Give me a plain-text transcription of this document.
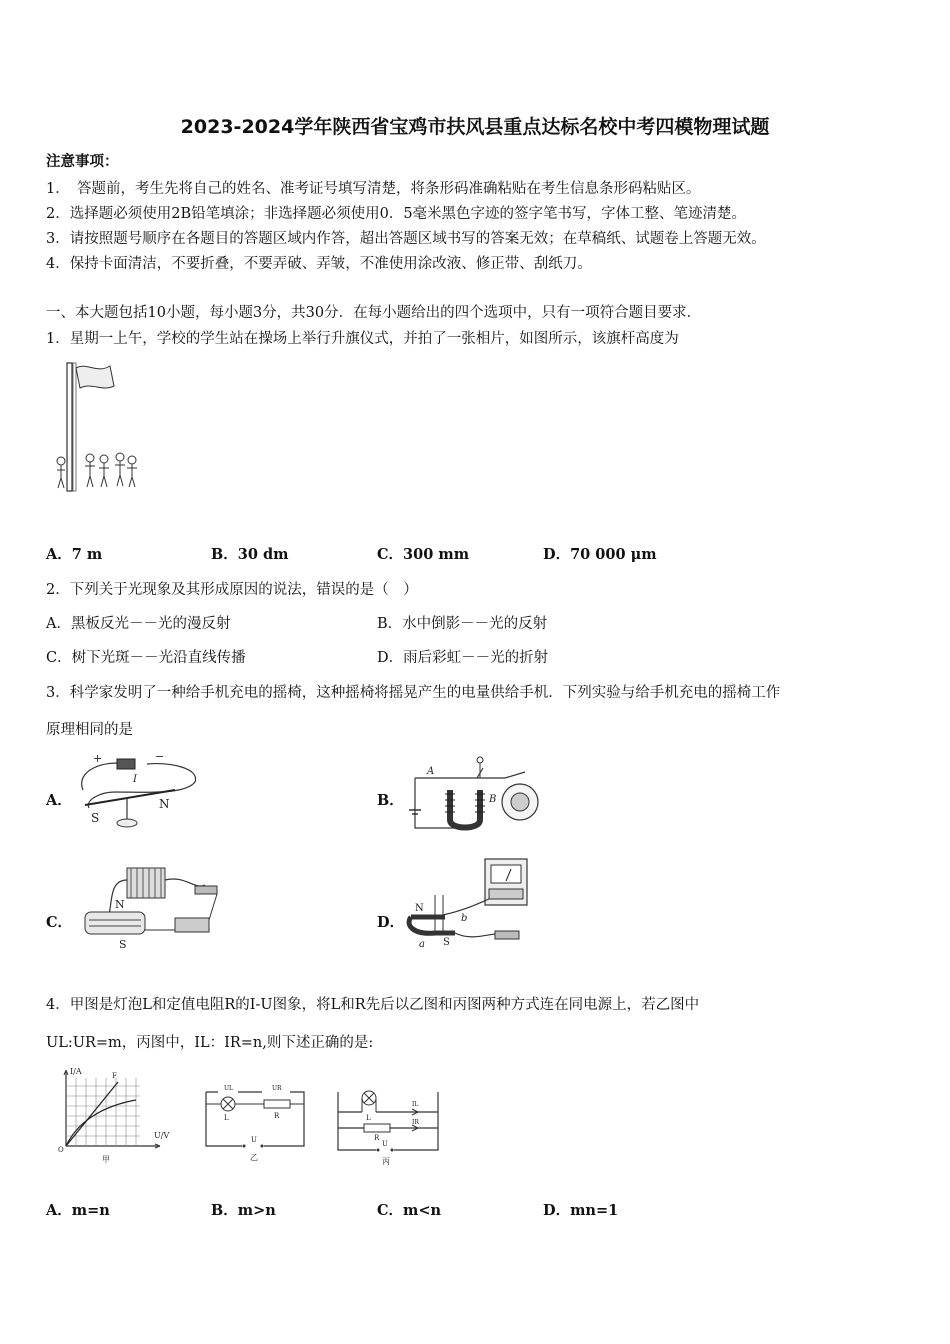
2023-2024学年陕西省宝鸡市扶风县重点达标名校中考四模物理试题
注意事项：
1．　答题前，考生先将自己的姓名、准考证号填写清楚，将条形码准确粘贴在考生信息条形码粘贴区。
2．选择题必须使用2B铅笔填涂；非选择题必须使用0．5毫米黑色字迹的签字笔书写，字体工整、笔迹清楚。
3．请按照题号顺序在各题目的答题区域内作答，超出答题区域书写的答案无效；在草稿纸、试题卷上答题无效。
4．保持卡面清洁，不要折叠，不要弄破、弄皱，不准使用涂改液、修正带、刮纸刀。
一、本大题包括10小题，每小题3分，共30分．在每小题给出的四个选项中，只有一项符合题目要求．
1．星期一上午，学校的学生站在操场上举行升旗仪式，并拍了一张相片，如图所示，该旗杆高度为
A．7 m	B．30 dm	C．300 mm	D．70 000 μm
2．下列关于光现象及其形成原因的说法，错误的是（　）
A．黑板反光－－光的漫反射	B．水中倒影－－光的反射
C．树下光斑－－光沿直线传播	D．雨后彩虹－－光的折射
3．科学家发明了一种给手机充电的摇椅，这种摇椅将摇晃产生的电量供给手机．下列实验与给手机充电的摇椅工作
原理相同的是
A．
+	−
I
N
S
B．
A
B
C．
N
S
D．
N
S
a
b
4．甲图是灯泡L和定值电阻R的I-U图象，将L和R先后以乙图和丙图两种方式连在同电源上，若乙图中
UL:UR=m，丙图中，IL：IR=n,则下述正确的是:
I/A
U/V
F
O
甲
L	R
UL	UR
U
乙
L
R
IL
IR
U
丙
A．m=n	B．m>n	C．m<n	D．mn=1
